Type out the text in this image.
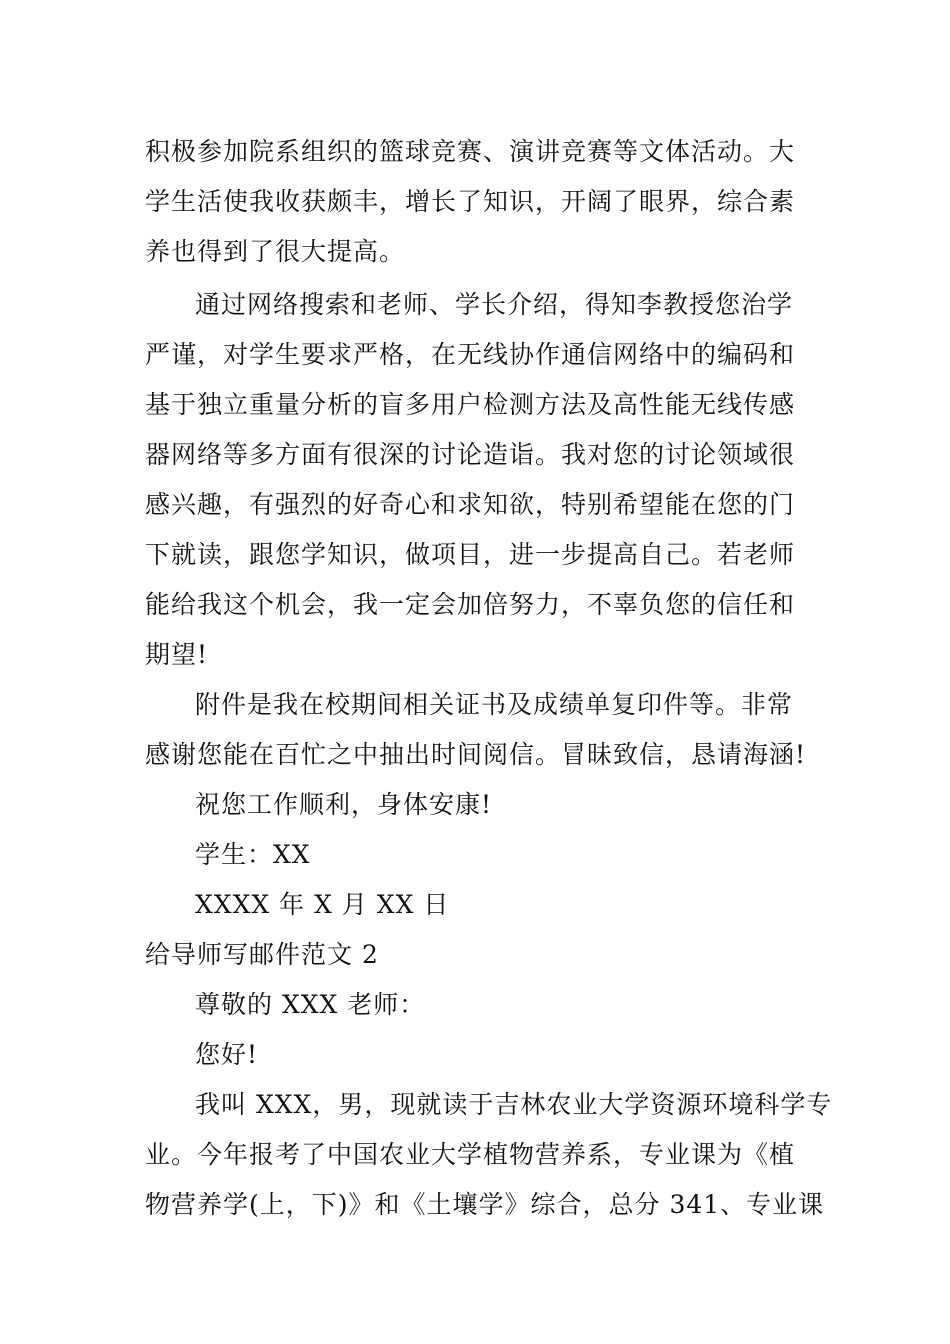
积极参加院系组织的篮球竞赛、演讲竞赛等文体活动。大
学生活使我收获颇丰，增长了知识，开阔了眼界，综合素
养也得到了很大提高。
通过网络搜索和老师、学长介绍，得知李教授您治学
严谨，对学生要求严格，在无线协作通信网络中的编码和
基于独立重量分析的盲多用户检测方法及高性能无线传感
器网络等多方面有很深的讨论造诣。我对您的讨论领域很
感兴趣，有强烈的好奇心和求知欲，特别希望能在您的门
下就读，跟您学知识，做项目，进一步提高自己。若老师
能给我这个机会，我一定会加倍努力，不辜负您的信任和
期望!
附件是我在校期间相关证书及成绩单复印件等。非常
感谢您能在百忙之中抽出时间阅信。冒昧致信，恳请海涵!
祝您工作顺利，身体安康!
学生：XX
XXXX 年 X 月 XX 日
给导师写邮件范文 2
尊敬的 XXX 老师：
您好!
我叫 XXX，男，现就读于吉林农业大学资源环境科学专
业。今年报考了中国农业大学植物营养系，专业课为《植
物营养学(上，下)》和《土壤学》综合，总分 341、专业课
